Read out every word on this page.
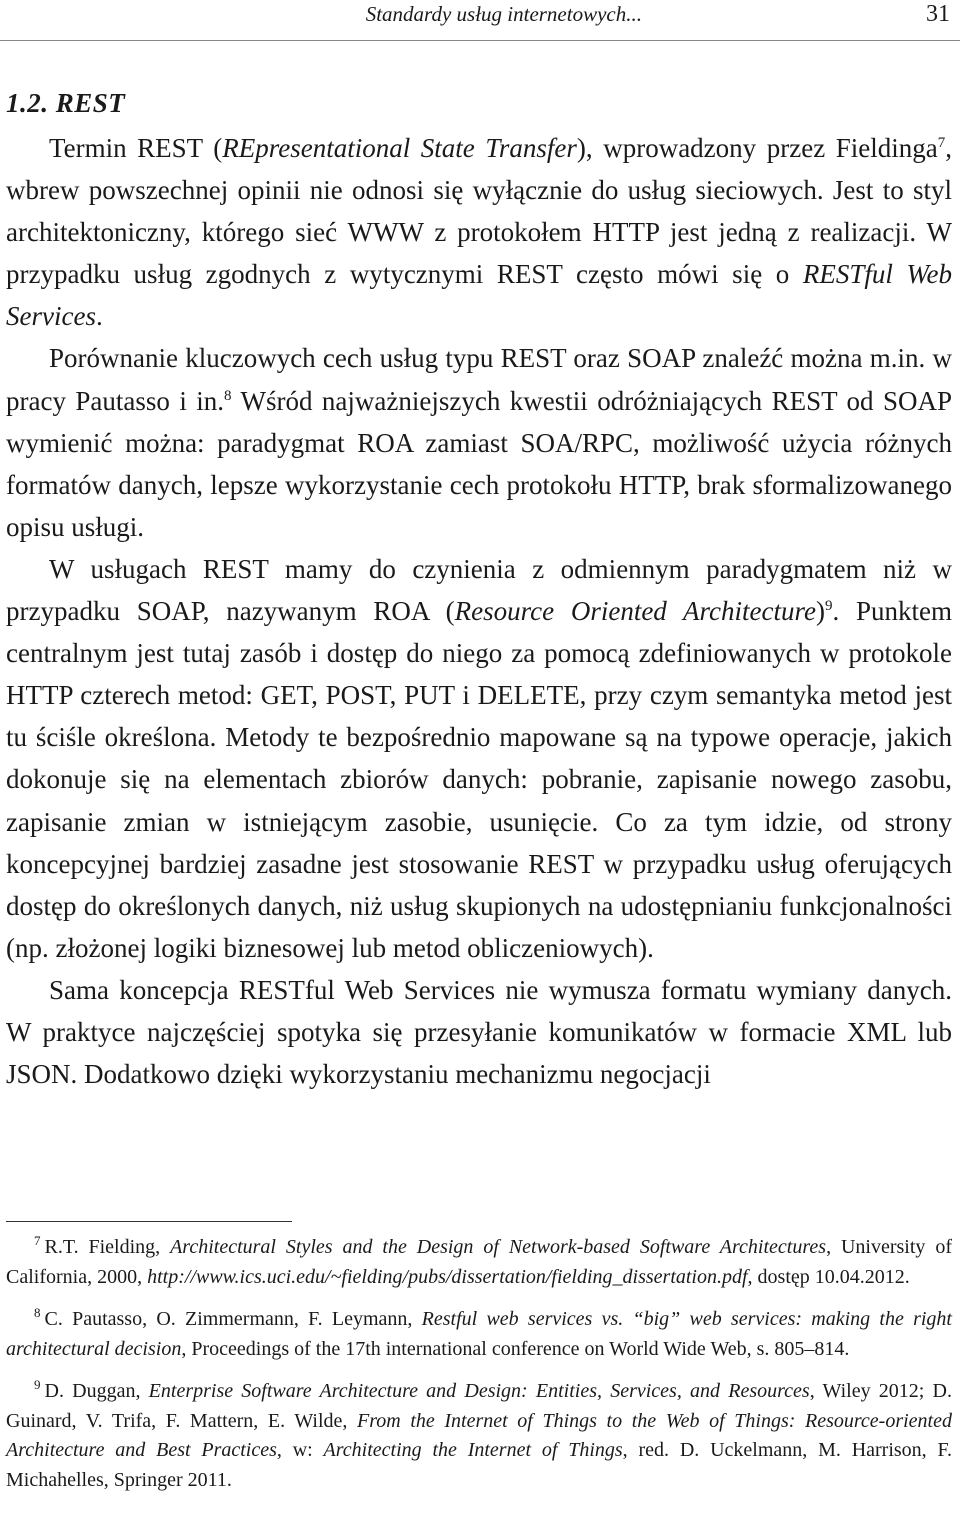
Standardy usług internetowych...	31
1.2. REST

Termin REST (REpresentational State Transfer), wprowadzony przez Fieldinga$^7$, wbrew powszechnej opinii nie odnosi się wyłącznie do usług sieciowych. Jest to styl architektoniczny, którego sieć WWW z protokołem HTTP jest jedną z realizacji. W przypadku usług zgodnych z wytycznymi REST często mówi się o RESTful Web Services.
Porównanie kluczowych cech usług typu REST oraz SOAP znaleźć można m.in. w pracy Pautasso i in.$^8$ Wśród najważniejszych kwestii odróżniających REST od SOAP wymienić można: paradygmat ROA zamiast SOA/RPC, możliwość użycia różnych formatów danych, lepsze wykorzystanie cech protokołu HTTP, brak sformalizowanego opisu usługi.

W usługach REST mamy do czynienia z odmiennym paradygmatem niż w przypadku SOAP, nazywanym ROA (Resource Oriented Architecture)$^9$. Punktem centralnym jest tutaj zasób i dostęp do niego za pomocą zdefiniowanych w protokole HTTP czterech metod: GET, POST, PUT i DELETE, przy czym semantyka metod jest tu ściśle określona. Metody te bezpośrednio mapowane są na typowe operacje, jakich dokonuje się na elementach zbiorów danych: pobranie, zapisanie nowego zasobu, zapisanie zmian w istniejącym zasobie, usunięcie. Co za tym idzie, od strony koncepcyjnej bardziej zasadne jest stosowanie REST w przypadku usług oferujących dostęp do określonych danych, niż usług skupionych na udostępnianiu funkcjonalności (np. złożonej logiki biznesowej lub metod obliczeniowych).

Sama koncepcja RESTful Web Services nie wymusza formatu wymiany danych. W praktyce najczęściej spotyka się przesyłanie komunikatów w formacie XML lub JSON. Dodatkowo dzięki wykorzystaniu mechanizmu negocjacji

$^7$ R.T. Fielding, Architectural Styles and the Design of Network-based Software Architectures, University of California, 2000, http://www.ics.uci.edu/~fielding/pubs/dissertation/fielding_dissertation.pdf, dostęp 10.04.2012.

$^8$ C. Pautasso, O. Zimmermann, F. Leymann, Restful web services vs. “big” web services: making the right architectural decision, Proceedings of the 17th international conference on World Wide Web, s. 805–814.

$^9$ D. Duggan, Enterprise Software Architecture and Design: Entities, Services, and Resources, Wiley 2012; D. Guinard, V. Trifa, F. Mattern, E. Wilde, From the Internet of Things to the Web of Things: Resource-oriented Architecture and Best Practices, w: Architecting the Internet of Things, red. D. Uckelmann, M. Harrison, F. Michahelles, Springer 2011.
